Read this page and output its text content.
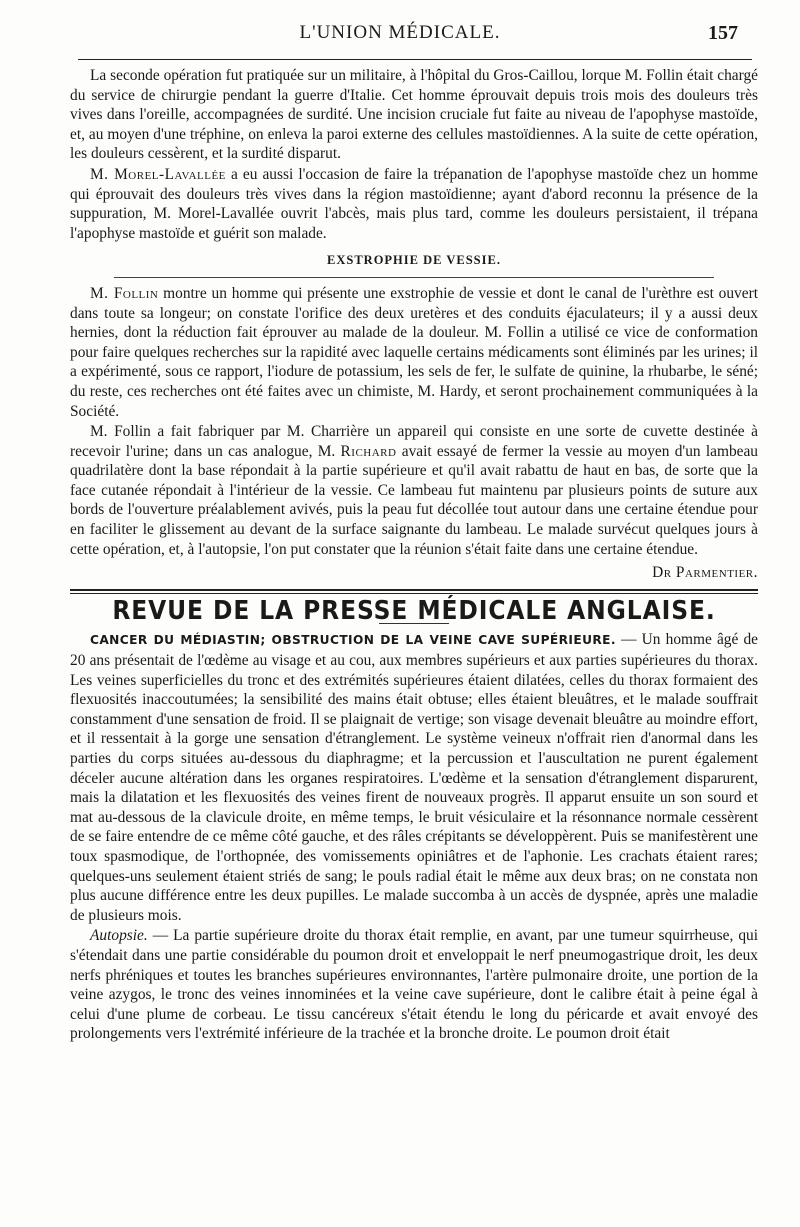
L'UNION MÉDICALE.	157

La seconde opération fut pratiquée sur un militaire, à l'hôpital du Gros-Caillou, lorque M. Follin était chargé du service de chirurgie pendant la guerre d'Italie. Cet homme éprouvait depuis trois mois des douleurs très vives dans l'oreille, accompagnées de surdité. Une incision cruciale fut faite au niveau de l'apophyse mastoïde, et, au moyen d'une tréphine, on enleva la paroi externe des cellules mastoïdiennes. A la suite de cette opération, les douleurs cessèrent, et la surdité disparut.

M. Morel-Lavallée a eu aussi l'occasion de faire la trépanation de l'apophyse mastoïde chez un homme qui éprouvait des douleurs très vives dans la région mastoïdienne; ayant d'abord reconnu la présence de la suppuration, M. Morel-Lavallée ouvrit l'abcès, mais plus tard, comme les douleurs persistaient, il trépana l'apophyse mastoïde et guérit son malade.

EXSTROPHIE DE VESSIE.

M. Follin montre un homme qui présente une exstrophie de vessie et dont le canal de l'urèthre est ouvert dans toute sa longeur; on constate l'orifice des deux uretères et des conduits éjaculateurs; il y a aussi deux hernies, dont la réduction fait éprouver au malade de la douleur. M. Follin a utilisé ce vice de conformation pour faire quelques recherches sur la rapidité avec laquelle certains médicaments sont éliminés par les urines; il a expérimenté, sous ce rapport, l'iodure de potassium, les sels de fer, le sulfate de quinine, la rhubarbe, le séné; du reste, ces recherches ont été faites avec un chimiste, M. Hardy, et seront prochainement communiquées à la Société.

M. Follin a fait fabriquer par M. Charrière un appareil qui consiste en une sorte de cuvette destinée à recevoir l'urine; dans un cas analogue, M. Richard avait essayé de fermer la vessie au moyen d'un lambeau quadrilatère dont la base répondait à la partie supérieure et qu'il avait rabattu de haut en bas, de sorte que la face cutanée répondait à l'intérieur de la vessie. Ce lambeau fut maintenu par plusieurs points de suture aux bords de l'ouverture préalablement avivés, puis la peau fut décollée tout autour dans une certaine étendue pour en faciliter le glissement au devant de la surface saignante du lambeau. Le malade survécut quelques jours à cette opération, et, à l'autopsie, l'on put constater que la réunion s'était faite dans une certaine étendue.

Dr Parmentier.
REVUE DE LA PRESSE MÉDICALE ANGLAISE.

CANCER DU MÉDIASTIN; OBSTRUCTION DE LA VEINE CAVE SUPÉRIEURE. — Un homme âgé de 20 ans présentait de l'œdème au visage et au cou, aux membres supérieurs et aux parties supérieures du thorax. Les veines superficielles du tronc et des extrémités supérieures étaient dilatées, celles du thorax formaient des flexuosités inaccoutumées; la sensibilité des mains était obtuse; elles étaient bleuâtres, et le malade souffrait constamment d'une sensation de froid. Il se plaignait de vertige; son visage devenait bleuâtre au moindre effort, et il ressentait à la gorge une sensation d'étranglement. Le système veineux n'offrait rien d'anormal dans les parties du corps situées au-dessous du diaphragme; et la percussion et l'auscultation ne purent également déceler aucune altération dans les organes respiratoires. L'œdème et la sensation d'étranglement disparurent, mais la dilatation et les flexuosités des veines firent de nouveaux progrès. Il apparut ensuite un son sourd et mat au-dessous de la clavicule droite, en même temps, le bruit vésiculaire et la résonnance normale cessèrent de se faire entendre de ce même côté gauche, et des râles crépitants se développèrent. Puis se manifestèrent une toux spasmodique, de l'orthopnée, des vomissements opiniâtres et de l'aphonie. Les crachats étaient rares; quelques-uns seulement étaient striés de sang; le pouls radial était le même aux deux bras; on ne constata non plus aucune différence entre les deux pupilles. Le malade succomba à un accès de dyspnée, après une maladie de plusieurs mois.

Autopsie. — La partie supérieure droite du thorax était remplie, en avant, par une tumeur squirrheuse, qui s'étendait dans une partie considérable du poumon droit et enveloppait le nerf pneumogastrique droit, les deux nerfs phréniques et toutes les branches supérieures environnantes, l'artère pulmonaire droite, une portion de la veine azygos, le tronc des veines innominées et la veine cave supérieure, dont le calibre était à peine égal à celui d'une plume de corbeau. Le tissu cancéreux s'était étendu le long du péricarde et avait envoyé des prolongements vers l'extrémité inférieure de la trachée et la bronche droite. Le poumon droit était
